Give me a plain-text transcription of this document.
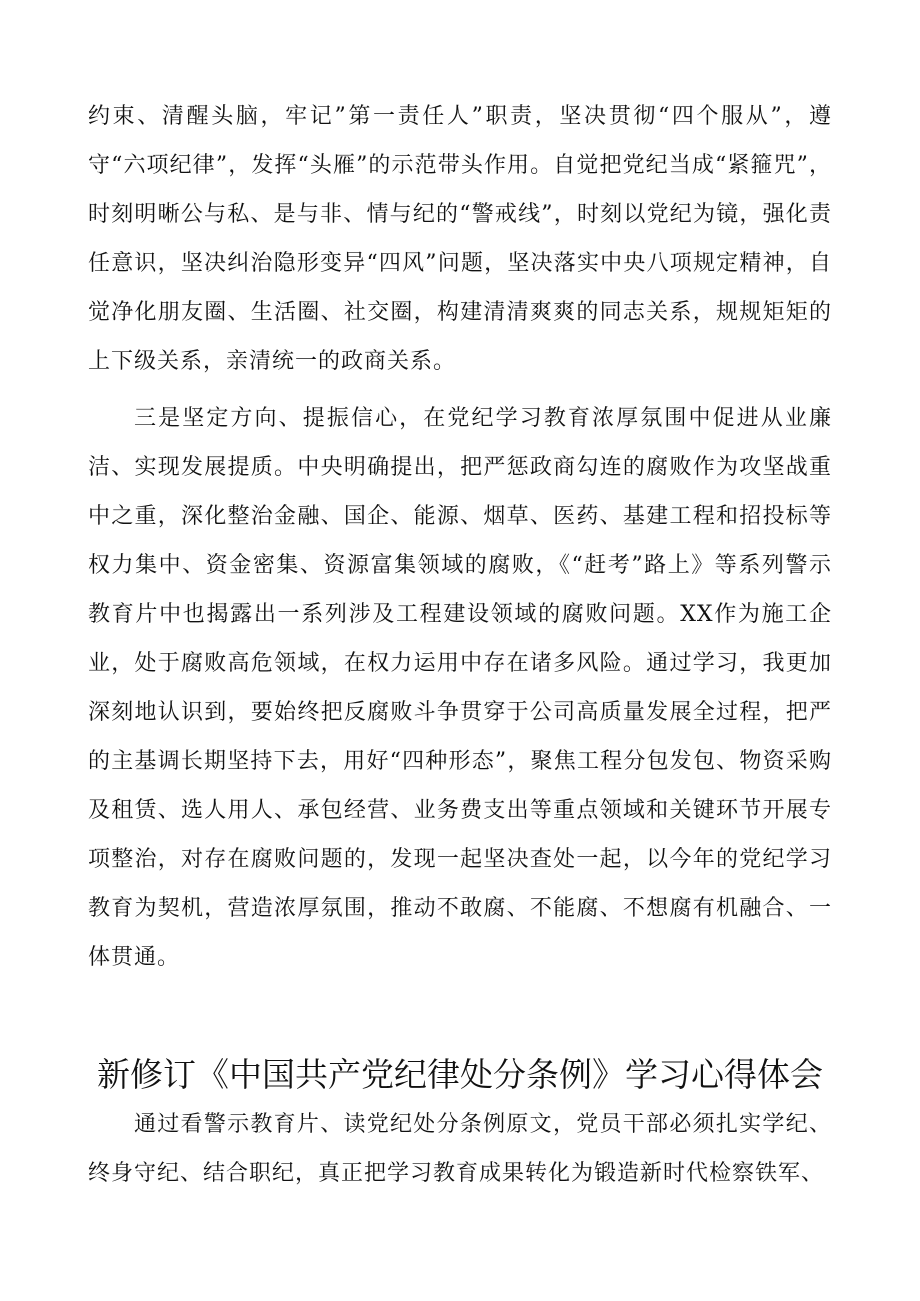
约束、清醒头脑，牢记”第一责任人”职责，坚决贯彻“四个服从”，遵守“六项纪律”，发挥“头雁”的示范带头作用。自觉把党纪当成“紧箍咒”，时刻明晰公与私、是与非、情与纪的“警戒线”，时刻以党纪为镜，强化责任意识，坚决纠治隐形变异“四风”问题，坚决落实中央八项规定精神，自觉净化朋友圈、生活圈、社交圈，构建清清爽爽的同志关系，规规矩矩的上下级关系，亲清统一的政商关系。

三是坚定方向、提振信心，在党纪学习教育浓厚氛围中促进从业廉洁、实现发展提质。中央明确提出，把严惩政商勾连的腐败作为攻坚战重中之重，深化整治金融、国企、能源、烟草、医药、基建工程和招投标等权力集中、资金密集、资源富集领域的腐败，《“赶考”路上》等系列警示教育片中也揭露出一系列涉及工程建设领域的腐败问题。XX作为施工企业，处于腐败高危领域，在权力运用中存在诸多风险。通过学习，我更加深刻地认识到，要始终把反腐败斗争贯穿于公司高质量发展全过程，把严的主基调长期坚持下去，用好“四种形态”，聚焦工程分包发包、物资采购及租赁、选人用人、承包经营、业务费支出等重点领域和关键环节开展专项整治，对存在腐败问题的，发现一起坚决查处一起，以今年的党纪学习教育为契机，营造浓厚氛围，推动不敢腐、不能腐、不想腐有机融合、一体贯通。

新修订《中国共产党纪律处分条例》学习心得体会

通过看警示教育片、读党纪处分条例原文，党员干部必须扎实学纪、终身守纪、结合职纪，真正把学习教育成果转化为锻造新时代检察铁军、
